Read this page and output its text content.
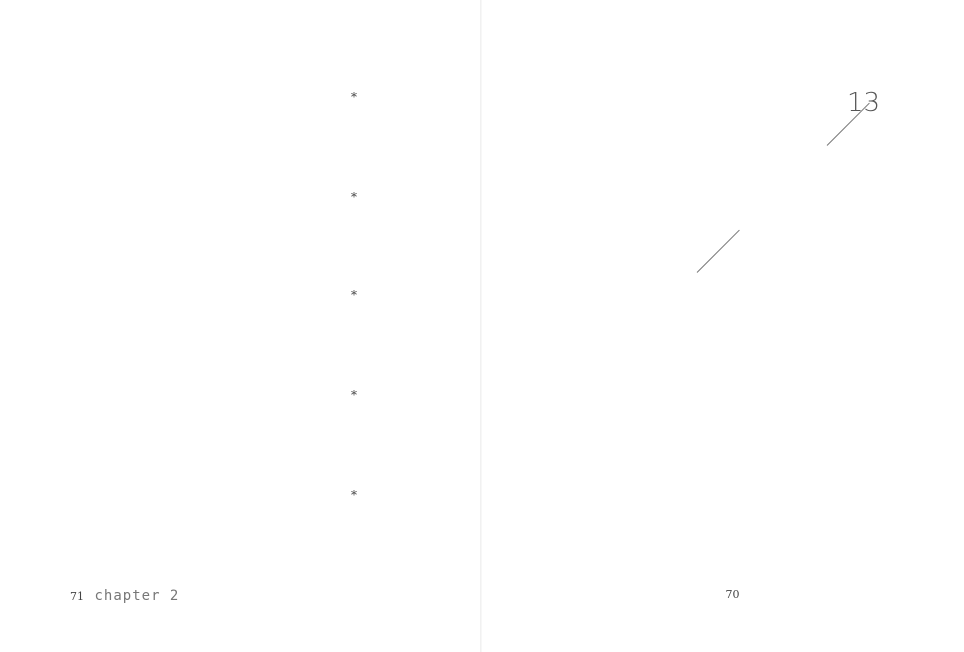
*
*
*
*
*
71 chapter 2
13
70
